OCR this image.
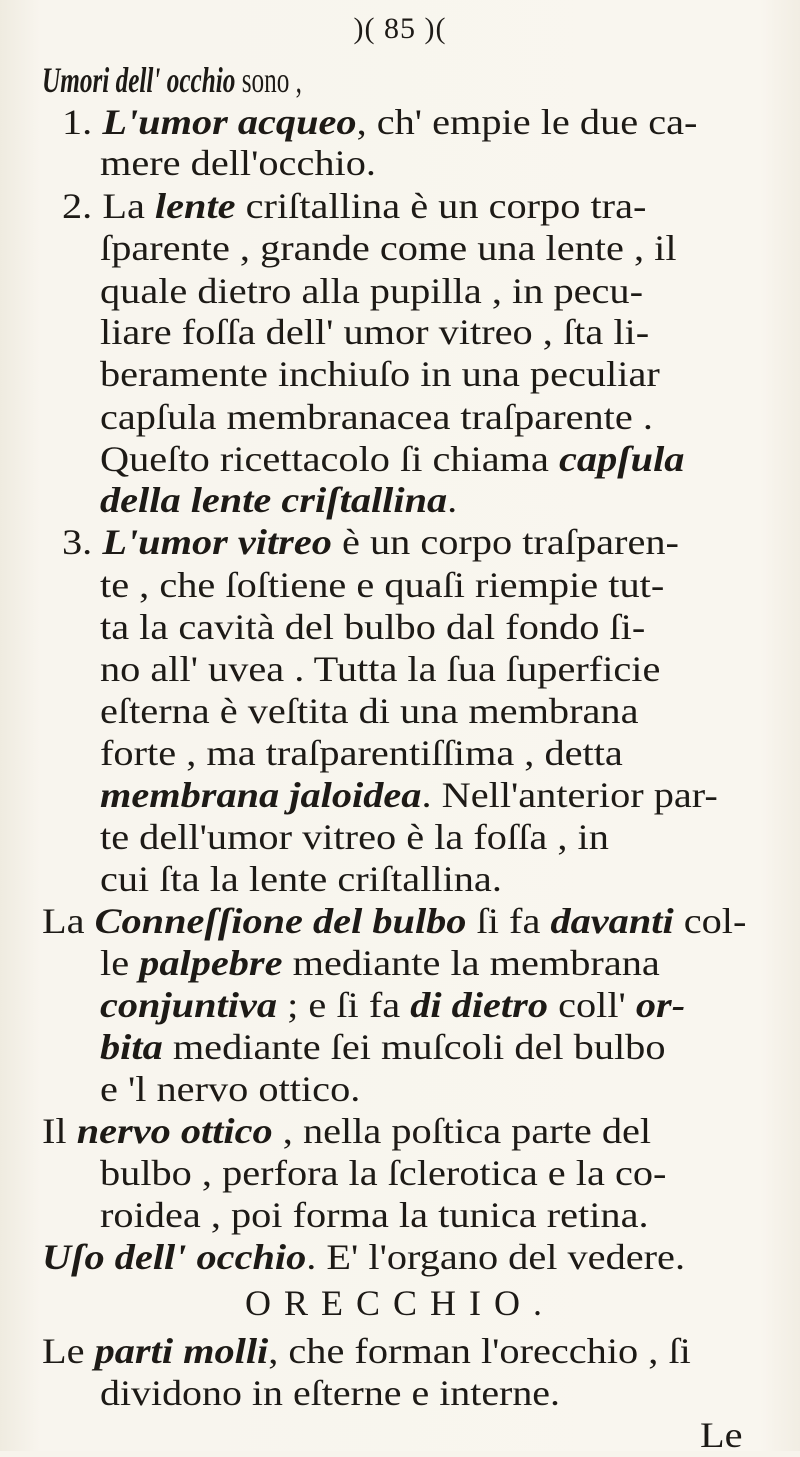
)( 85 )(
Umori dell' occhio sono ,
1. L'umor acqueo, ch' empie le due ca-
mere dell'occhio.
2. La lente criſtallina è un corpo tra-
ſparente , grande come una lente , il
quale dietro alla pupilla , in pecu-
liare foſſa dell' umor vitreo , ſta li-
beramente inchiuſo in una peculiar
capſula membranacea traſparente .
Queſto ricettacolo ſi chiama capſula
della lente criſtallina.
3. L'umor vitreo è un corpo traſparen-
te , che ſoſtiene e quaſi riempie tut-
ta la cavità del bulbo dal fondo ſi-
no all' uvea . Tutta la ſua ſuperficie
eſterna è veſtita di una membrana
forte , ma traſparentiſſima , detta
membrana jaloidea. Nell'anterior par-
te dell'umor vitreo è la foſſa , in
cui ſta la lente criſtallina.
La Conneſſione del bulbo ſi fa davanti col-
le palpebre mediante la membrana
conjuntiva ; e ſi fa di dietro coll' or-
bita mediante ſei muſcoli del bulbo
e 'l nervo ottico.
Il nervo ottico , nella poſtica parte del
bulbo , perfora la ſclerotica e la co-
roidea , poi forma la tunica retina.
Uſo dell' occhio. E' l'organo del vedere.
ORECCHIO.
Le parti molli, che forman l'orecchio , ſi
dividono in eſterne e interne.
Le
